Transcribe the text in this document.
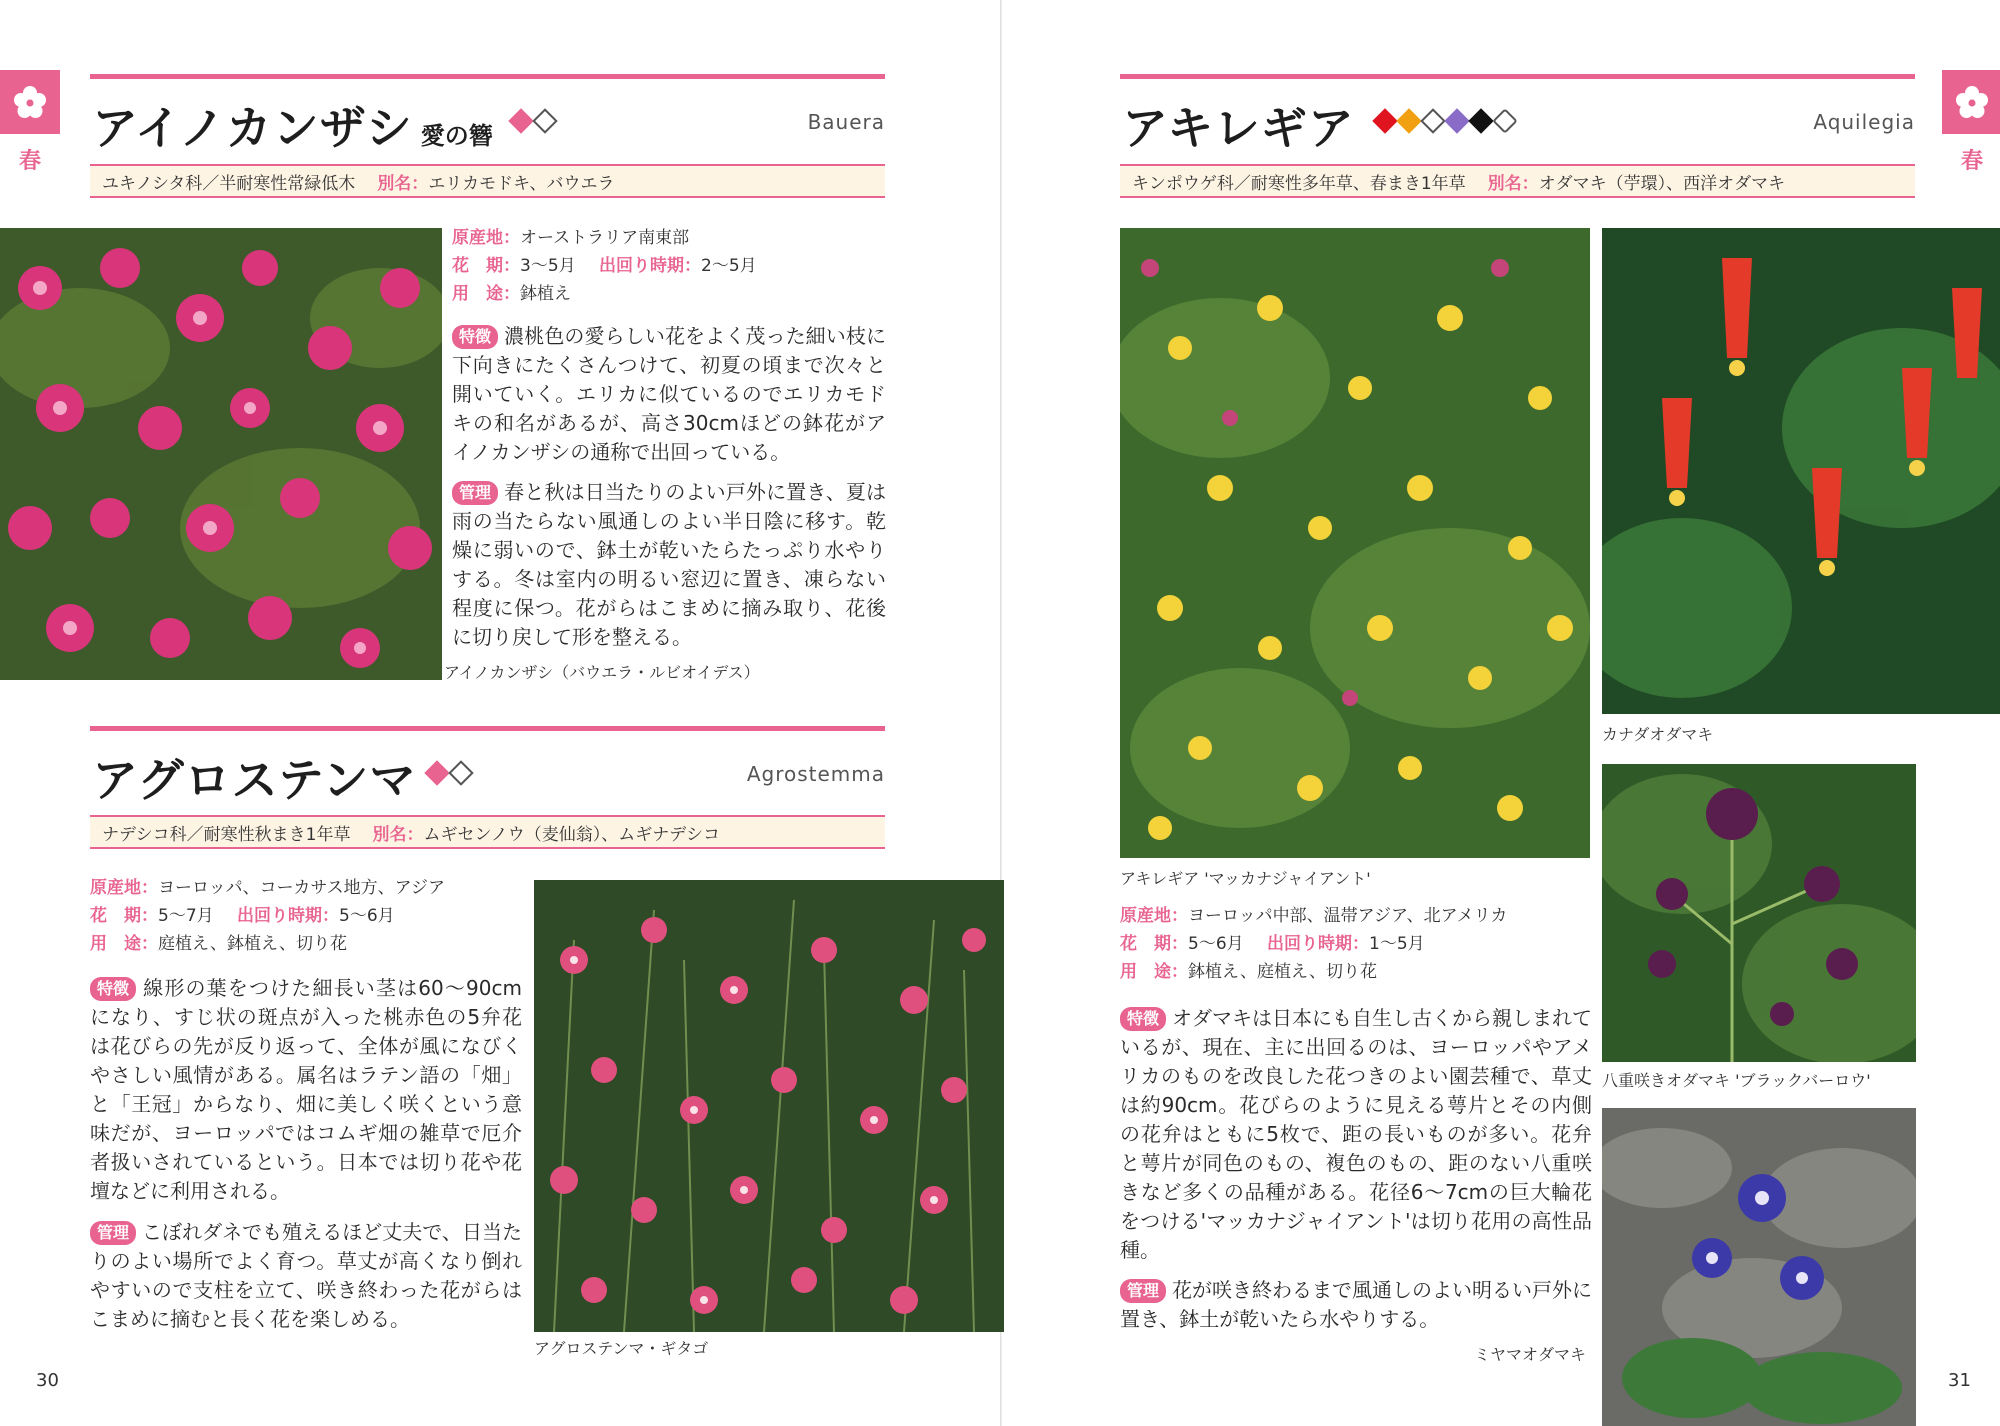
春
アイノカンザシ 愛の簪	Bauera
ユキノシタ科／半耐寒性常緑低木 別名： エリカモドキ、バウエラ
原産地：オーストラリア南東部
花　期：3～5月 出回り時期：2～5月
用　途：鉢植え
特徴 濃桃色の愛らしい花をよく茂った細い枝に下向きにたくさんつけて、初夏の頃まで次々と開いていく。エリカに似ているのでエリカモドキの和名があるが、高さ30cmほどの鉢花がアイノカンザシの通称で出回っている。
管理 春と秋は日当たりのよい戸外に置き、夏は雨の当たらない風通しのよい半日陰に移す。乾燥に弱いので、鉢土が乾いたらたっぷり水やりする。冬は室内の明るい窓辺に置き、凍らない程度に保つ。花がらはこまめに摘み取り、花後に切り戻して形を整える。
アイノカンザシ（バウエラ・ルビオイデス）
アグロステンマ	Agrostemma
ナデシコ科／耐寒性秋まき1年草 別名： ムギセンノウ（麦仙翁）、ムギナデシコ
原産地：ヨーロッパ、コーカサス地方、アジア
花　期：5～7月 出回り時期：5～6月
用　途：庭植え、鉢植え、切り花
特徴 線形の葉をつけた細長い茎は60～90cmになり、すじ状の斑点が入った桃赤色の5弁花は花びらの先が反り返って、全体が風になびくやさしい風情がある。属名はラテン語の「畑」と「王冠」からなり、畑に美しく咲くという意味だが、ヨーロッパではコムギ畑の雑草で厄介者扱いされているという。日本では切り花や花壇などに利用される。
管理 こぼれダネでも殖えるほど丈夫で、日当たりのよい場所でよく育つ。草丈が高くなり倒れやすいので支柱を立て、咲き終わった花がらはこまめに摘むと長く花を楽しめる。
アグロステンマ・ギタゴ
30
春
アキレギア	Aquilegia
キンポウゲ科／耐寒性多年草、春まき1年草 別名： オダマキ（苧環）、西洋オダマキ
アキレギア 'マッカナジャイアント'
カナダオダマキ
八重咲きオダマキ 'ブラックバーロウ'
原産地：ヨーロッパ中部、温帯アジア、北アメリカ
花　期：5～6月 出回り時期：1～5月
用　途：鉢植え、庭植え、切り花
特徴 オダマキは日本にも自生し古くから親しまれているが、現在、主に出回るのは、ヨーロッパやアメリカのものを改良した花つきのよい園芸種で、草丈は約90cm。花びらのように見える萼片とその内側の花弁はともに5枚で、距の長いものが多い。花弁と萼片が同色のもの、複色のもの、距のない八重咲きなど多くの品種がある。花径6～7cmの巨大輪花をつける'マッカナジャイアント'は切り花用の高性品種。
管理 花が咲き終わるまで風通しのよい明るい戸外に置き、鉢土が乾いたら水やりする。
ミヤマオダマキ
31
